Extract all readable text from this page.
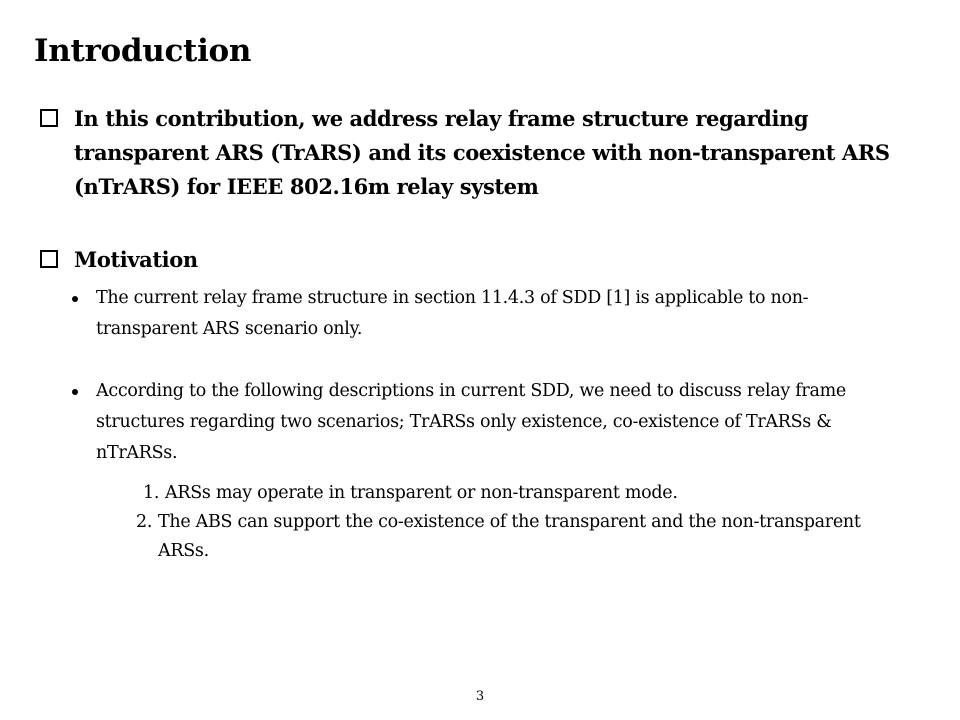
Introduction
In this contribution, we address relay frame structure regarding transparent ARS (TrARS) and its coexistence with non-transparent ARS (nTrARS) for IEEE 802.16m relay system
Motivation
The current relay frame structure in section 11.4.3 of SDD [1] is applicable to non-transparent ARS scenario only.
According to the following descriptions in current SDD, we need to discuss relay frame structures regarding two scenarios; TrARSs only existence, co-existence of TrARSs & nTrARSs.
1. ARSs may operate in transparent or non-transparent mode.
2. The ABS can support the co-existence of the transparent and the non-transparent ARSs.
3
